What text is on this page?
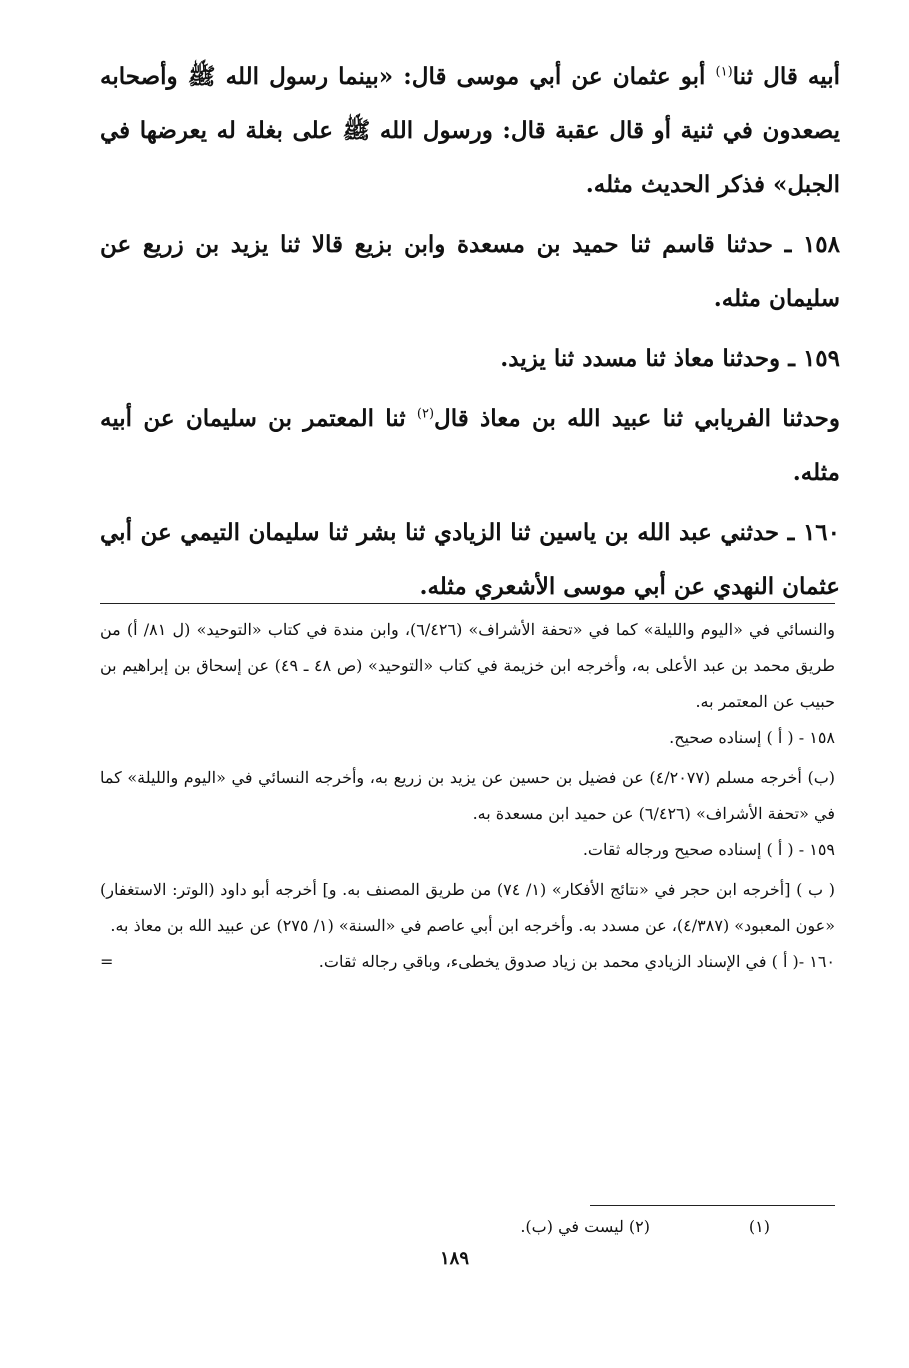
أبيه قال ثنا$^{(١)}$ أبو عثمان عن أبي موسى قال: «بينما رسول الله ﷺ وأصحابه يصعدون في ثنية أو قال عقبة قال: ورسول الله ﷺ على بغلة له يعرضها في الجبل» فذكر الحديث مثله.

١٥٨ ـ حدثنا قاسم ثنا حميد بن مسعدة وابن بزيع قالا ثنا يزيد بن زريع عن سليمان مثله.

١٥٩ ـ وحدثنا معاذ ثنا مسدد ثنا يزيد.

وحدثنا الفريابي ثنا عبيد الله بن معاذ قال$^{(٢)}$ ثنا المعتمر بن سليمان عن أبيه مثله.

١٦٠ ـ حدثني عبد الله بن ياسين ثنا الزيادي ثنا بشر ثنا سليمان التيمي عن أبي عثمان النهدي عن أبي موسى الأشعري مثله.

والنسائي في «اليوم والليلة» كما في «تحفة الأشراف» (٦/٤٢٦)، وابن مندة في كتاب «التوحيد» (ل ٨١/ أ) من طريق محمد بن عبد الأعلى به، وأخرجه ابن خزيمة في كتاب «التوحيد» (ص ٤٨ ـ ٤٩) عن إسحاق بن إبراهيم بن حبيب عن المعتمر به.

١٥٨ - ( أ ) إسناده صحيح.

(ب) أخرجه مسلم (٤/٢٠٧٧) عن فضيل بن حسين عن يزيد بن زريع به، وأخرجه النسائي في «اليوم والليلة» كما في «تحفة الأشراف» (٦/٤٢٦) عن حميد ابن مسعدة به.

١٥٩ - ( أ ) إسناده صحيح ورجاله ثقات.

( ب ) [أخرجه ابن حجر في «نتائج الأفكار» (١/ ٧٤) من طريق المصنف به. و] أخرجه أبو داود (الوتر: الاستغفار) «عون المعبود» (٤/٣٨٧)، عن مسدد به. وأخرجه ابن أبي عاصم في «السنة» (١/ ٢٧٥) عن عبيد الله بن معاذ به.

١٦٠ -( أ ) في الإسناد الزيادي محمد بن زياد صدوق يخطىء، وباقي رجاله ثقات.
=
(١)
(٢) ليست في (ب).
١٨٩
